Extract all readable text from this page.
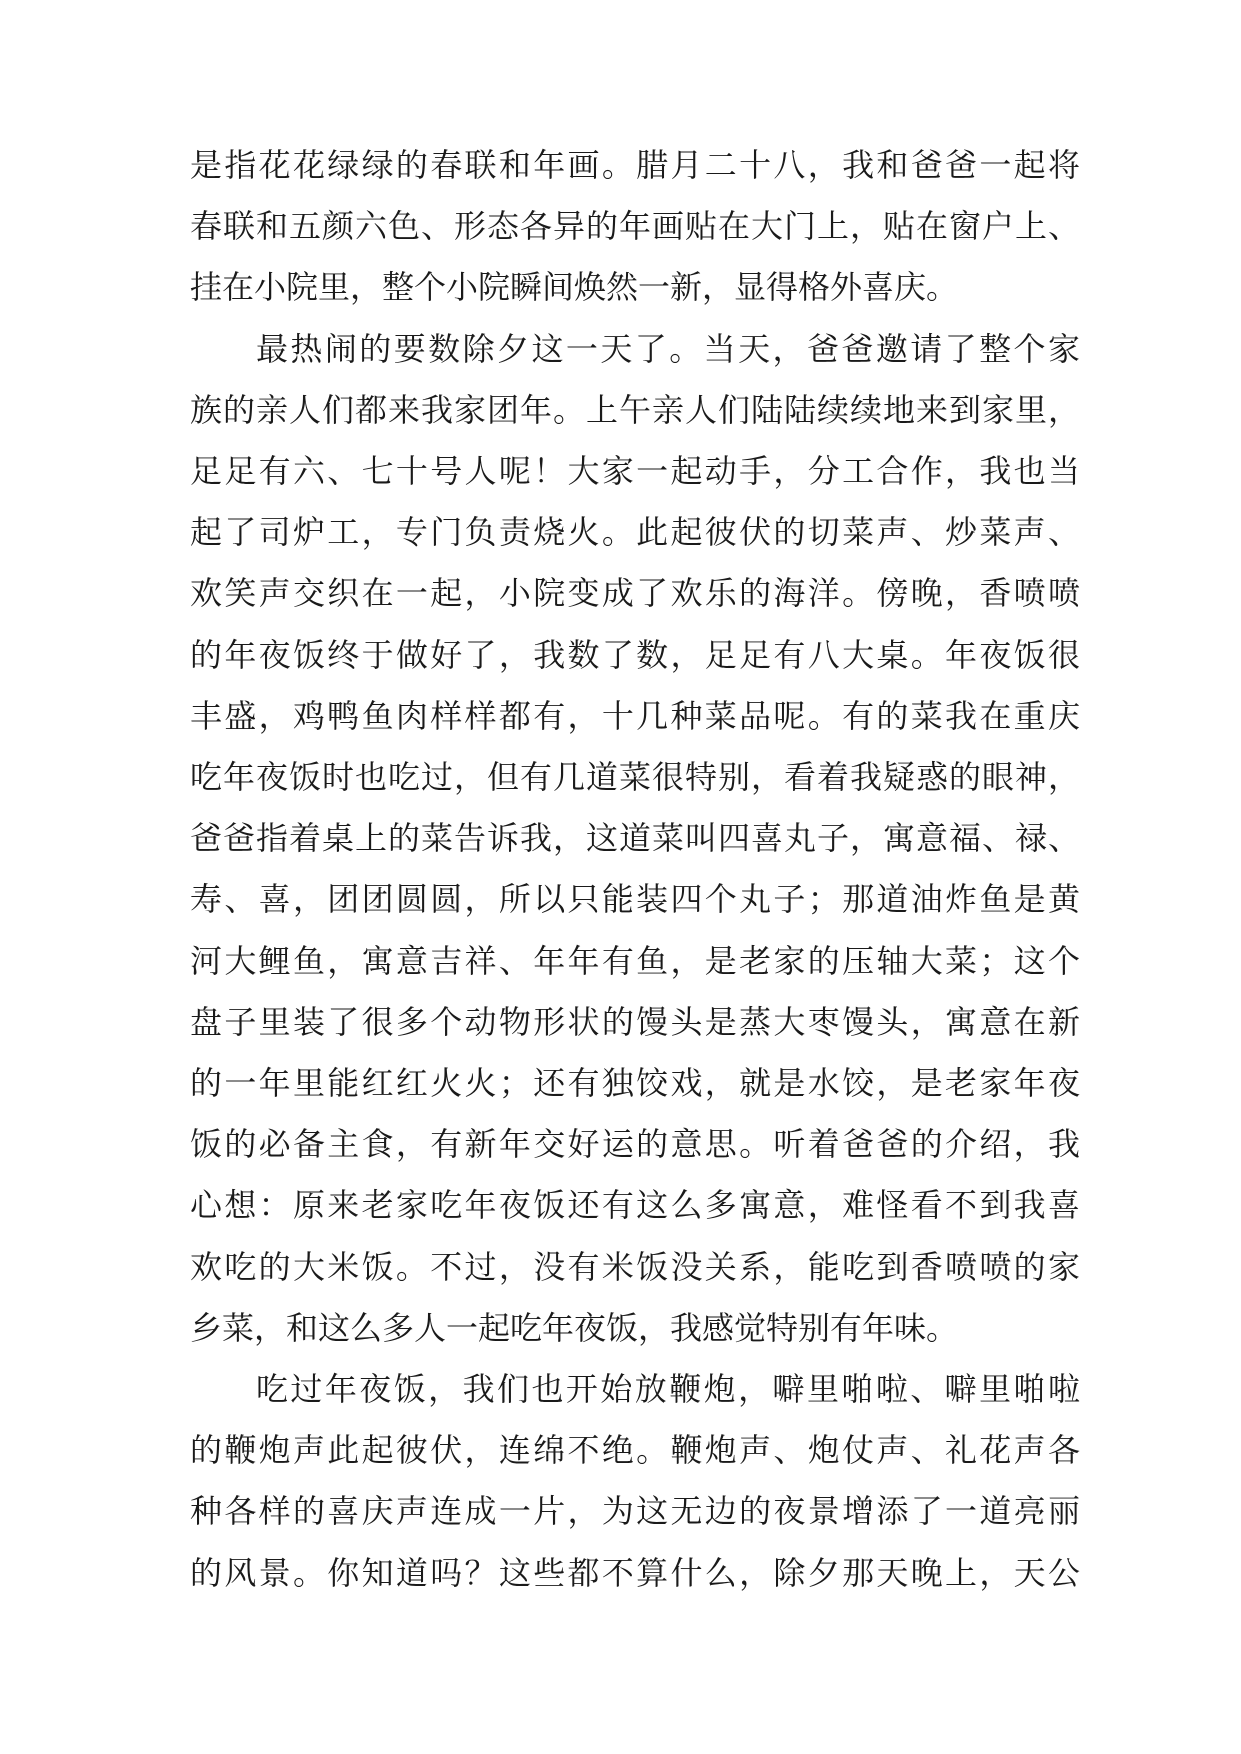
是指花花绿绿的春联和年画。腊月二十八，我和爸爸一起将
春联和五颜六色、形态各异的年画贴在大门上，贴在窗户上、
挂在小院里，整个小院瞬间焕然一新，显得格外喜庆。
最热闹的要数除夕这一天了。当天，爸爸邀请了整个家
族的亲人们都来我家团年。上午亲人们陆陆续续地来到家里，
足足有六、七十号人呢！大家一起动手，分工合作，我也当
起了司炉工，专门负责烧火。此起彼伏的切菜声、炒菜声、
欢笑声交织在一起，小院变成了欢乐的海洋。傍晚，香喷喷
的年夜饭终于做好了，我数了数，足足有八大桌。年夜饭很
丰盛，鸡鸭鱼肉样样都有，十几种菜品呢。有的菜我在重庆
吃年夜饭时也吃过，但有几道菜很特别，看着我疑惑的眼神，
爸爸指着桌上的菜告诉我，这道菜叫四喜丸子，寓意福、禄、
寿、喜，团团圆圆，所以只能装四个丸子；那道油炸鱼是黄
河大鲤鱼，寓意吉祥、年年有鱼，是老家的压轴大菜；这个
盘子里装了很多个动物形状的馒头是蒸大枣馒头，寓意在新
的一年里能红红火火；还有独饺戏，就是水饺，是老家年夜
饭的必备主食，有新年交好运的意思。听着爸爸的介绍，我
心想：原来老家吃年夜饭还有这么多寓意，难怪看不到我喜
欢吃的大米饭。不过，没有米饭没关系，能吃到香喷喷的家
乡菜，和这么多人一起吃年夜饭，我感觉特别有年味。
吃过年夜饭，我们也开始放鞭炮，噼里啪啦、噼里啪啦
的鞭炮声此起彼伏，连绵不绝。鞭炮声、炮仗声、礼花声各
种各样的喜庆声连成一片，为这无边的夜景增添了一道亮丽
的风景。你知道吗？这些都不算什么，除夕那天晚上，天公
